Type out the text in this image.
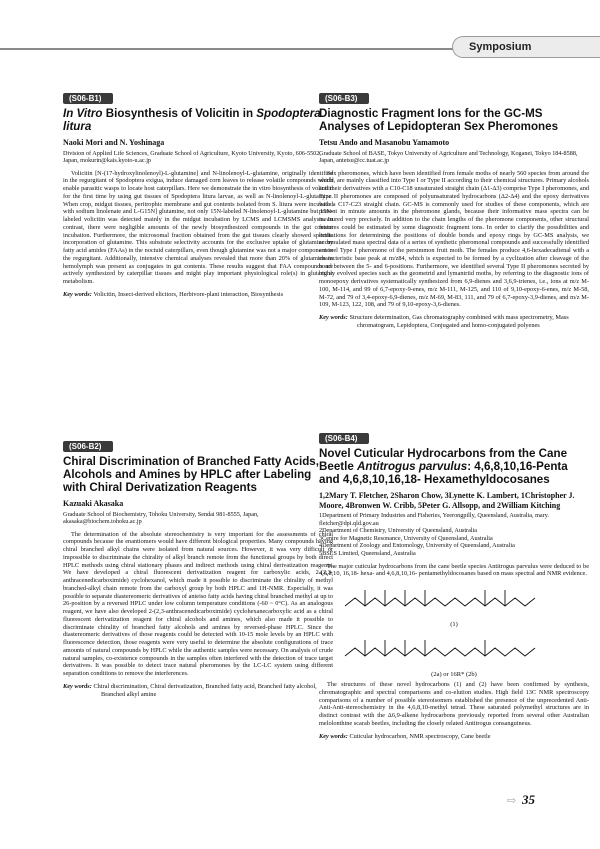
Symposium
(S06-B1)
In Vitro Biosynthesis of Volicitin in Spodoptera litura
Naoki Mori and N. Yoshinaga
Division of Applied Life Sciences, Graduate School of Agriculture, Kyoto University, Kyoto, 606-5502, Japan, mokurin@kais.kyoto-u.ac.jp

Volicitin [N-(17-hydroxylinolenoyl)-L-glutamine] and N-linolenoyl-L-glutamine, originally identified in the regurgitant of Spodoptera exigua, induce damaged corn leaves to release volatile compounds which enable parasitic wasps to locate host caterpillars. Here we demonstrate the in vitro biosynthesis of volicitin for the first time by using gut tissues of Spodoptera litura larvae, as well as N-linolenoyl-L-glutamine. When crop, midgut tissues, peritrophic membrane and gut contents isolated from S. litura were incubated with sodium linolenate and L-G15N] glutamine, not only 15N-labeled N-linolenoyl-L-glutamine but 15N-labeled volicitin was detected mainly in the midgut incubation by LCMS and LCMSMS analysis. In contrast, there were negligible amounts of the newly biosynthesized compounds in the gut content incubation. Furthermore, the microsomal fraction obtained from the gut tissues clearly showed specific incorporation of glutamine. This substrate selectivity accounts for the exclusive uptake of glutamine by fatty acid amides (FAAs) in the noctuid caterpillars, even though glutamine was not a major component in the regurgitant. Additionally, intensive chemical analyses revealed that more than 20% of glutamine in hemolymph was present as conjugates in gut contents. These results suggest that FAA compounds are actively synthesized by caterpillar tissues and might play important physiological role(s) in glutamine metabolism.

Key words: Volicitin, Insect-derived elicitors, Herbivore-plant interaction, Biosynthesis
(S06-B2)
Chiral Discrimination of Branched Fatty Acids, Alcohols and Amines by HPLC after Labeling with Chiral Derivatization Reagents
Kazuaki Akasaka
Graduate School of Biochemistry, Tohoku University, Sendai 981-8555, Japan, akasaka@biochem.tohoku.ac.jp

The determination of the absolute stereochemistry is very important for the assessments of chiral compounds because the enantiomers would have different biological properties. Many compounds having chiral branched alkyl chains were isolated from natural sources. However, it was very difficult or impossible to discriminate the chirality of alkyl branch remote from the functional groups by both direct HPLC methods using chiral stationary phases and indirect methods using chiral derivatization reagents. We have developed a chiral fluorescent derivatization reagent for carboxylic acids, 2-(2,3-anthracenedicarboximide) cyclohexanol, which made it possible to discriminate the chirality of methyl branched-alkyl chain remote from the carboxyl group by both HPLC and 1H-NMR. Especially, it was possible to separate diastereomeric derivatives of anteiso fatty acids having chiral branched methyl at up to 26-position by a reversed HPLC under low column temperature conditions (-60 ~ 0°C). As an analogous reagent, we have also developed 2-(2,3-anthracenedicarboximide) cyclohexanecarboxylic acid as a chiral fluorescent derivatization reagent for chiral alcohols and amines, which also made it possible to discriminate chirality of branched fatty alcohols and amines by reversed-phase HPLC. Since the diastereomeric derivatives of those reagents could be detected with 10-15 mole levels by an HPLC with fluorescence detection, those reagents were very useful to determine the absolute configurations of trace amounts of natural compounds by HPLC while the authentic samples were necessary. On analysis of crude natural samples, co-existence compounds in the samples often interfered with the detection of trace target derivatives. It was possible to detect trace natural pheromones by the LC-LC system using different separation conditions to remove the interferences.

Key words: Chiral discrimination, Chiral derivatization, Branched fatty acid, Branched fatty alcohol, Branched alkyl amine
(S06-B3)
Diagnostic Fragment Ions for the GC-MS Analyses of Lepidopteran Sex Pheromones
Tetsu Ando and Masanobu Yamamoto
Graduate School of BASE, Tokyo University of Agriculture and Technology, Koganei, Tokyo 184-8588, Japan, antetsu@cc.tuat.ac.jp

Sex pheromones, which have been identified from female moths of nearly 560 species from around the world, are mainly classified into Type I or Type II according to their chemical structures. Primary alcohols and their derivatives with a C10-C18 unsaturated straight chain (Δ1-Δ3) comprise Type I pheromones, and Type II pheromones are composed of polyunsaturated hydrocarbons (Δ2-Δ4) and the epoxy derivatives with a C17-C23 straight chain. GC-MS is commonly used for studies of these components, which are present in minute amounts in the pheromone glands, because their informative mass spectra can be measured very precisely. In addition to the chain lengths of the pheromone components, other structural features could be estimated by some diagnostic fragment ions. In order to clarify the possibilities and limitations for determining the positions of double bonds and epoxy rings by GC-MS analysis, we accumulated mass spectral data of a series of synthetic pheromonal compounds and successfully identified a novel Type I pheromone of the persimmon fruit moth. The females produce 4,6-hexadecadienal with a characteristic base peak at m/z84, which is expected to be formed by a cyclization after cleavage of the bond between the 5- and 6-positions. Furthermore, we identified several Type II pheromones secreted by highly evolved species such as the geometrid and lymantriid moths, by referring to the diagnostic ions of monoepoxy derivatives systematically synthesized from 6,9-dienes and 3,6,9-trienes, i.e., ions at m/z M-100, M-114, and 99 of 6,7-epoxy-9-enes, m/z M-111, M-125, and 110 of 9,10-epoxy-6-enes, m/z M-58, M-72, and 79 of 3,4-epoxy-6,9-dienes, m/z M-69, M-83, 111, and 79 of 6,7-epoxy-3,9-dienes, and m/z M-109, M-123, 122, 108, and 79 of 9,10-epoxy-3,6-dienes.

Key words: Structure determination, Gas chromatography combined with mass spectrometry, Mass chromatogram, Lepidoptera, Conjugated and homo-conjugated polyenes
(S06-B4)
Novel Cuticular Hydrocarbons from the Cane Beetle Antitrogus parvulus: 4,6,8,10,16-Penta and 4,6,8,10,16,18- Hexamethyldocosanes
1,2Mary T. Fletcher, 2Sharon Chow, 3Lynette K. Lambert, 1Christopher J. Moore, 4Bronwen W. Cribb, 5Peter G. Allsopp, and 2William Kitching
1Department of Primary Industries and Fisheries, Yeerongpilly, Queensland, Australia, mary. fletcher@dpi.qld.gov.au
2Department of Chemistry, University of Queensland, Australia
3Centre for Magnetic Resonance, University of Queensland, Australia
4Department of Zoology and Entomology, University of Queensland, Australia
5BSES Limited, Queensland, Australia

The major cuticular hydrocarbons from the cane beetle species Antitrogus parvulus were deduced to be 4,6,8,10, 16,18- hexa- and 4,6,8,10,16- pentamethyldocosanes based on mass spectral and NMR evidence.

(1)
(2a) or 16R* (2b)

The structures of these novel hydrocarbons (1) and (2) have been confirmed by synthesis, chromatographic and spectral comparisons and co-elution studies. High field 13C NMR spectroscopy comparisons of a number of possible stereoisomers established the presence of the unprecedented Anti- Anti-Anti-stereochemistry in the 4,6,8,10-methyl tetrad. These saturated polymethyl structures are in distinct contrast with the Δ6,9-alkene hydrocarbons previously reported from several other Australian melolonthine scarab beetles, including the closely related Antitrogus consanguineus.

Key words: Cuticular hydrocarbon, NMR spectroscopy, Cane beetle
⇨ 35
